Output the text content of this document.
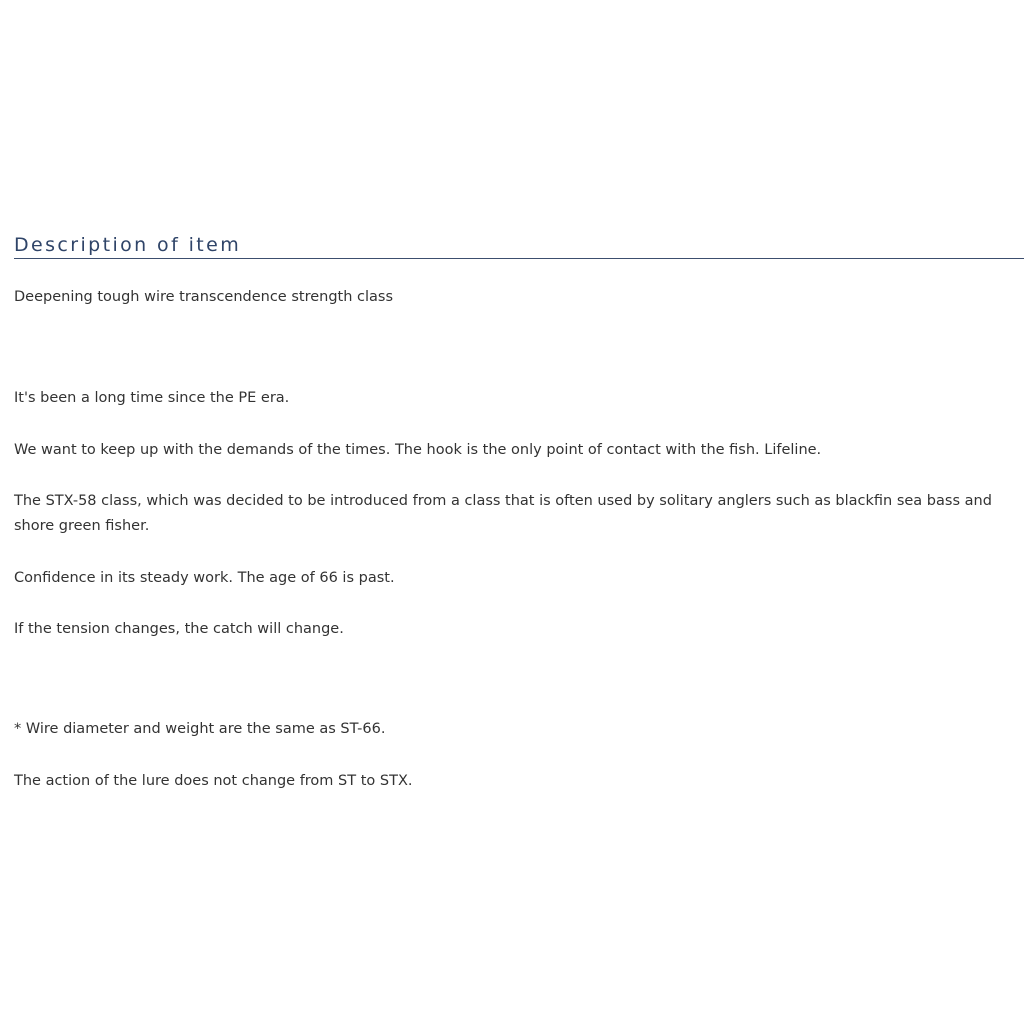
Description of item

Deepening tough wire transcendence strength class

It's been a long time since the PE era.

We want to keep up with the demands of the times. The hook is the only point of contact with the fish. Lifeline.

The STX-58 class, which was decided to be introduced from a class that is often used by solitary anglers such as blackfin sea bass and shore green fisher.

Confidence in its steady work. The age of 66 is past.

If the tension changes, the catch will change.

* Wire diameter and weight are the same as ST-66.

The action of the lure does not change from ST to STX.
